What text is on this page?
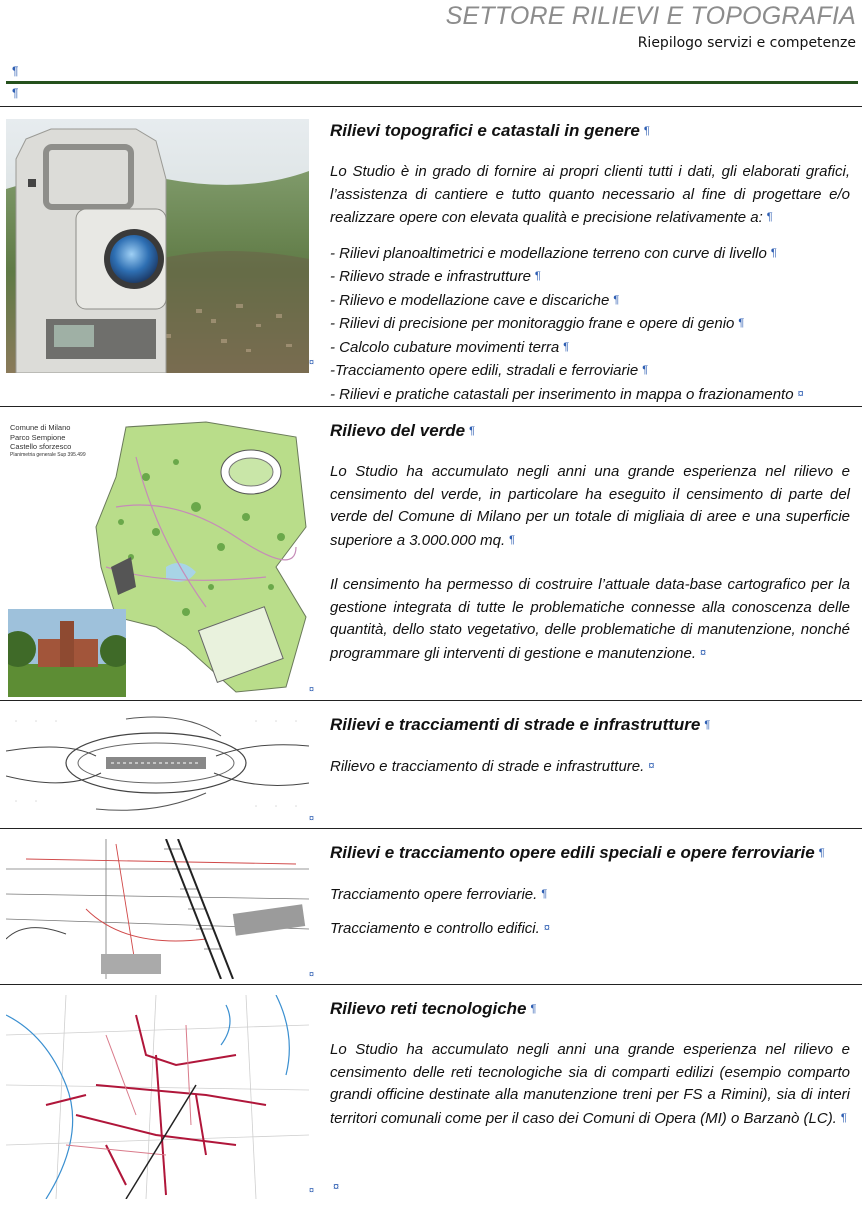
SETTORE RILIEVI E TOPOGRAFIA
Riepilogo servizi e competenze
¶
¶
¤
Rilievi topografici e catastali in genere ¶

Lo Studio è in grado di fornire ai propri clienti tutti i dati, gli elaborati grafici, l’assistenza di cantiere e tutto quanto necessario al fine di progettare e/o realizzare opere con elevata qualità e precisione relativamente a: ¶

- Rilievi planoaltimetrici e modellazione terreno con curve di livello ¶
- Rilievo strade e infrastrutture ¶
- Rilievo e modellazione cave e discariche ¶
- Rilievi di precisione per monitoraggio frane e opere di genio ¶
- Calcolo cubature movimenti terra ¶
-Tracciamento opere edili, stradali e ferroviarie ¶
- Rilievi e pratiche catastali per inserimento in mappa o frazionamento ¤
Comune di Milano
Parco Sempione
Castello sforzesco
Planimetria generale Sup 395.499
¤
Rilievo del verde ¶

Lo Studio ha accumulato negli anni una grande esperienza nel rilievo e censimento del verde, in particolare ha eseguito il censimento di parte del verde del Comune di Milano per un totale di migliaia di aree e una superficie superiore a 3.000.000 mq. ¶

Il censimento ha permesso di costruire l’attuale data-base cartografico per la gestione integrata di tutte le problematiche connesse alla conoscenza delle quantità, dello stato vegetativo, delle problematiche di manutenzione, nonché programmare gli interventi di gestione e manutenzione. ¤

¤
Rilievi e tracciamenti di strade e infrastrutture ¶

Rilievo e tracciamento di strade e infrastrutture. ¤

¤
Rilievi e tracciamento opere edili speciali e opere ferroviarie ¶

Tracciamento opere ferroviarie. ¶

Tracciamento e controllo edifici. ¤

¤ ¤
Rilievo reti tecnologiche ¶

Lo Studio ha accumulato negli anni una grande esperienza nel rilievo e censimento delle reti tecnologiche sia di comparti edilizi (esempio comparto grandi officine destinate alla manutenzione treni per FS a Rimini), sia di interi territori comunali come per il caso dei Comuni di Opera (MI) o Barzanò (LC). ¶
